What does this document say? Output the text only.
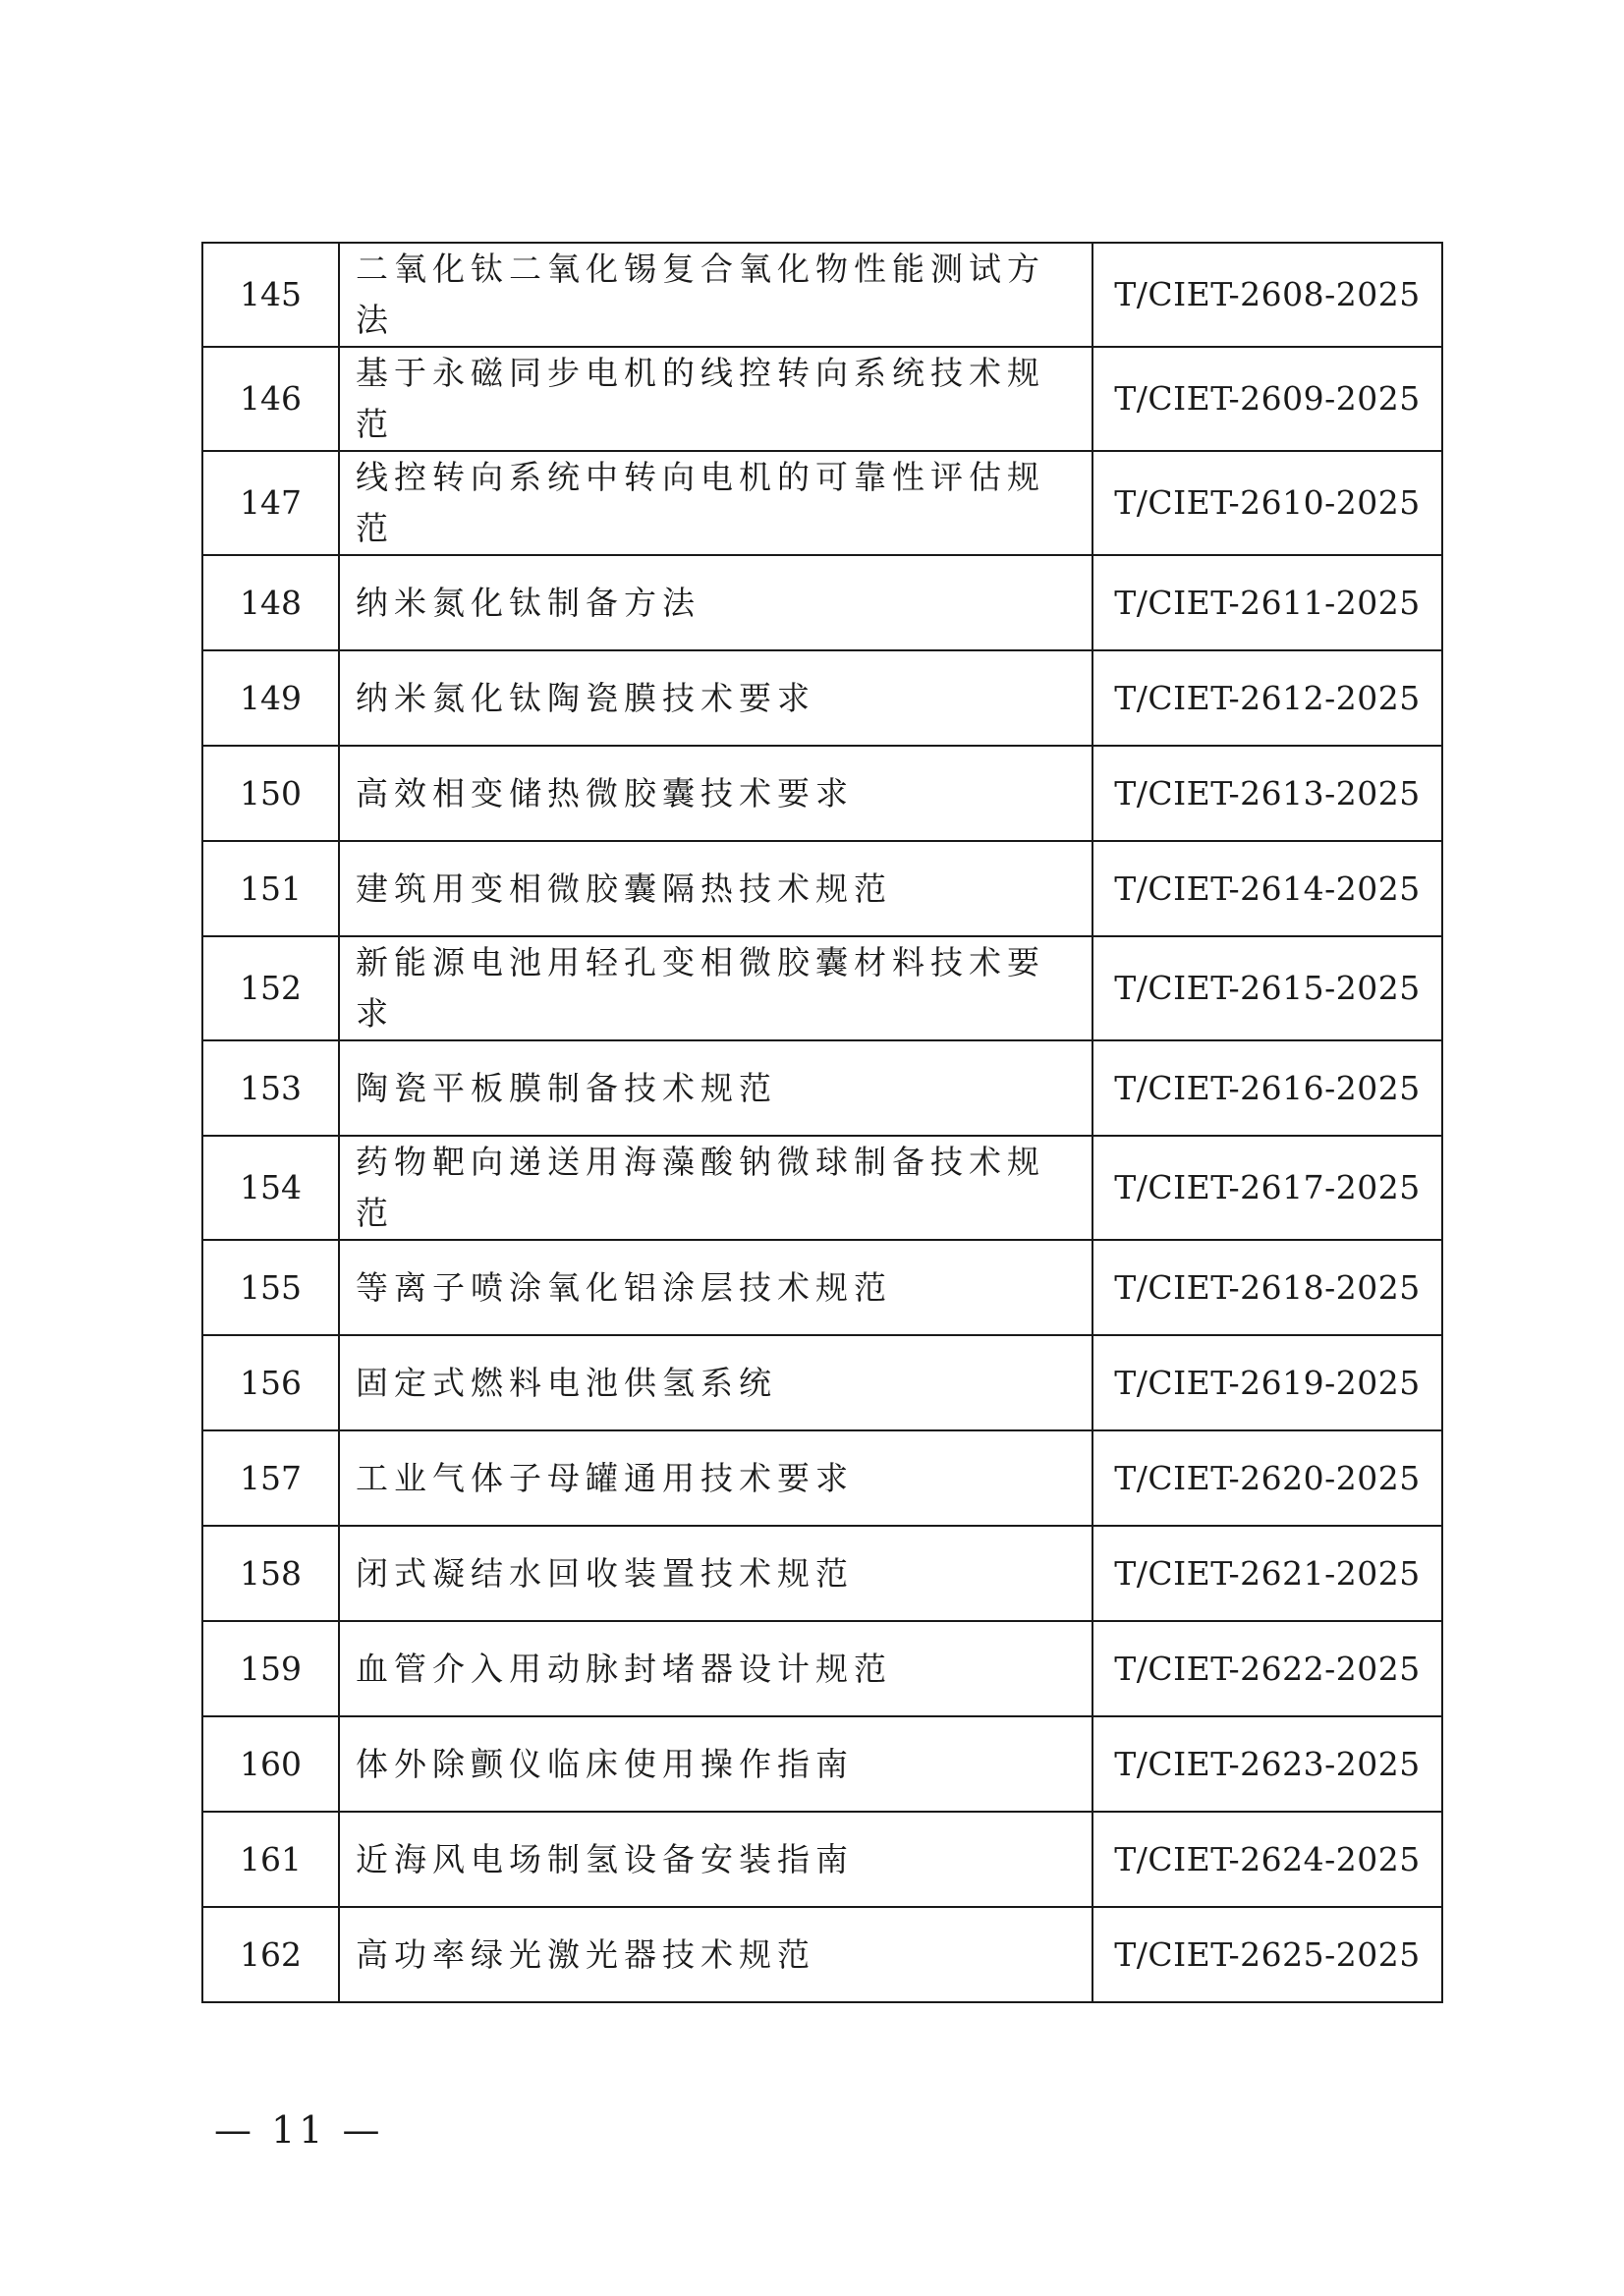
145	二氧化钛二氧化锡复合氧化物性能测试方法	T/CIET-2608-2025
146	基于永磁同步电机的线控转向系统技术规范	T/CIET-2609-2025
147	线控转向系统中转向电机的可靠性评估规范	T/CIET-2610-2025
148	纳米氮化钛制备方法	T/CIET-2611-2025
149	纳米氮化钛陶瓷膜技术要求	T/CIET-2612-2025
150	高效相变储热微胶囊技术要求	T/CIET-2613-2025
151	建筑用变相微胶囊隔热技术规范	T/CIET-2614-2025
152	新能源电池用轻孔变相微胶囊材料技术要求	T/CIET-2615-2025
153	陶瓷平板膜制备技术规范	T/CIET-2616-2025
154	药物靶向递送用海藻酸钠微球制备技术规范	T/CIET-2617-2025
155	等离子喷涂氧化铝涂层技术规范	T/CIET-2618-2025
156	固定式燃料电池供氢系统	T/CIET-2619-2025
157	工业气体子母罐通用技术要求	T/CIET-2620-2025
158	闭式凝结水回收装置技术规范	T/CIET-2621-2025
159	血管介入用动脉封堵器设计规范	T/CIET-2622-2025
160	体外除颤仪临床使用操作指南	T/CIET-2623-2025
161	近海风电场制氢设备安装指南	T/CIET-2624-2025
162	高功率绿光激光器技术规范	T/CIET-2625-2025
— 11 —
